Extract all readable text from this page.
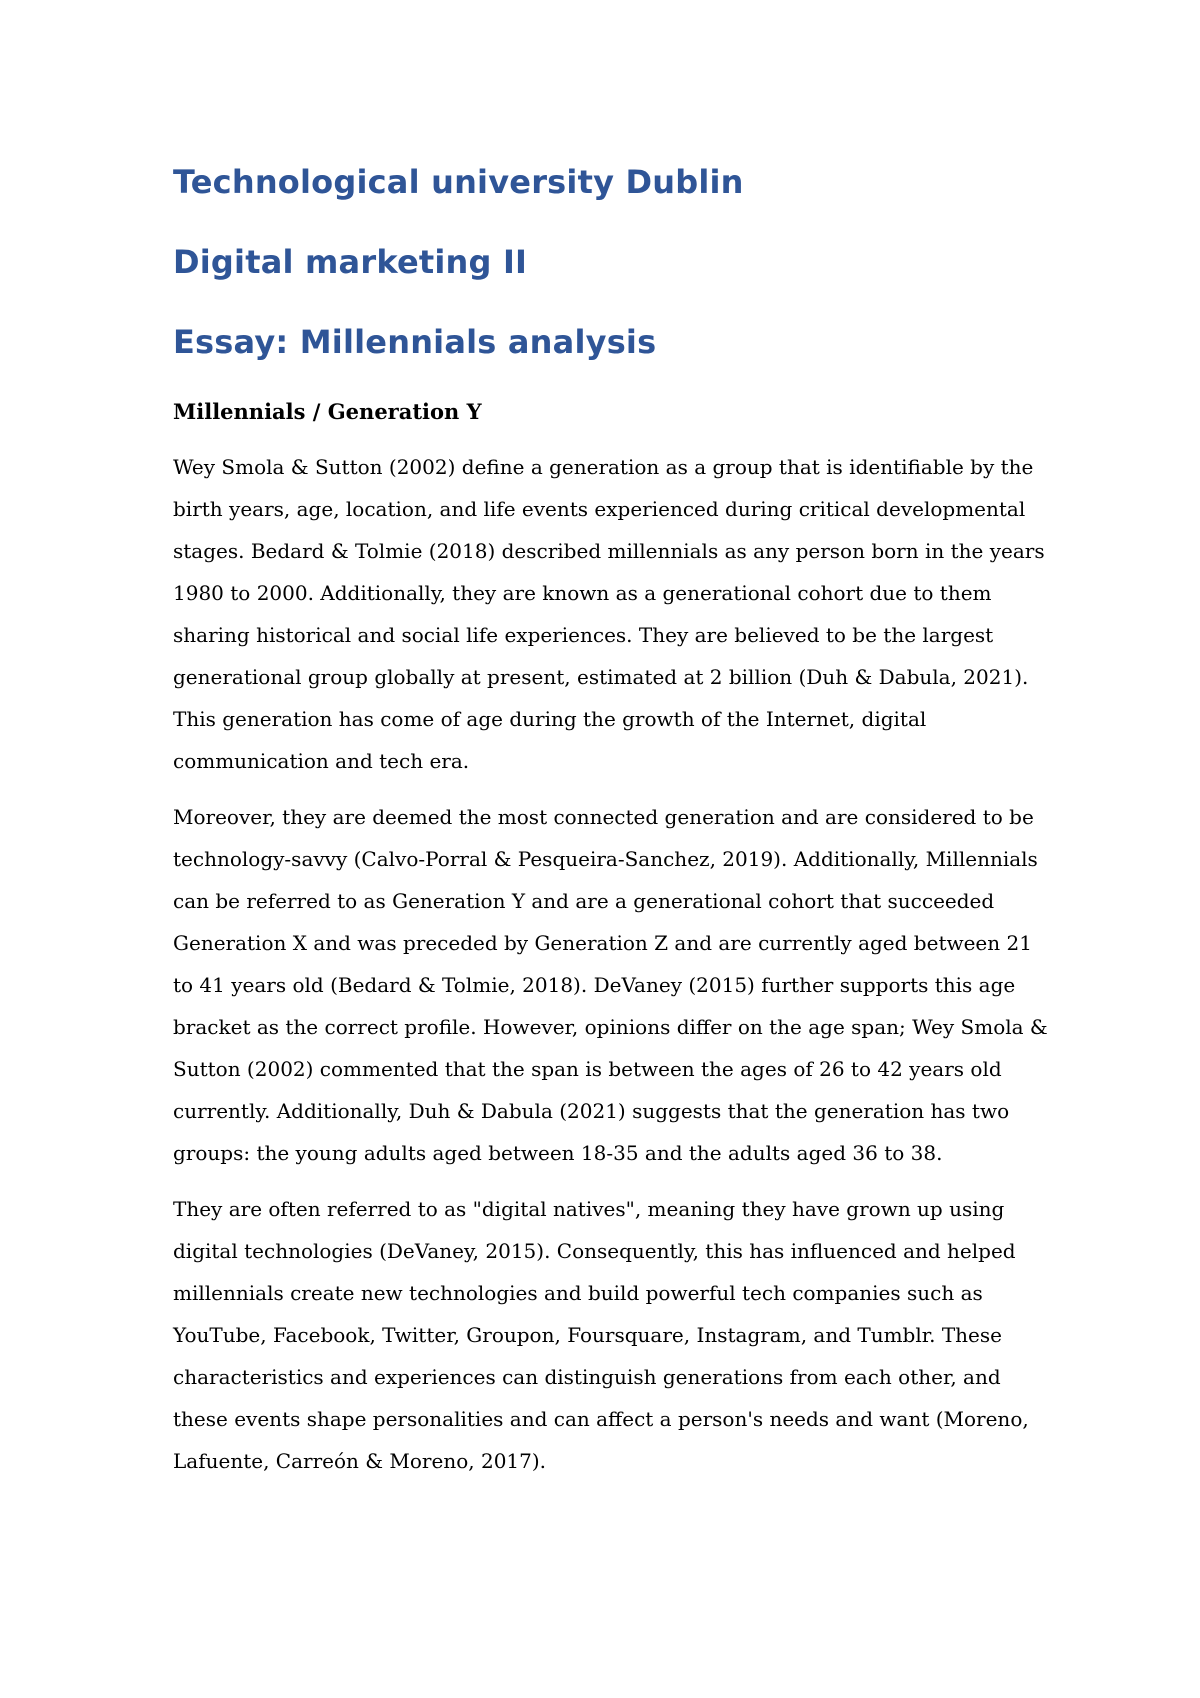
Technological university Dublin
Digital marketing II
Essay: Millennials analysis
Millennials / Generation Y

Wey Smola & Sutton (2002) define a generation as a group that is identifiable by the birth years, age, location, and life events experienced during critical developmental stages. Bedard & Tolmie (2018) described millennials as any person born in the years 1980 to 2000. Additionally, they are known as a generational cohort due to them sharing historical and social life experiences. They are believed to be the largest generational group globally at present, estimated at 2 billion (Duh & Dabula, 2021). This generation has come of age during the growth of the Internet, digital communication and tech era.

Moreover, they are deemed the most connected generation and are considered to be technology-savvy (Calvo-Porral & Pesqueira-Sanchez, 2019). Additionally, Millennials can be referred to as Generation Y and are a generational cohort that succeeded Generation X and was preceded by Generation Z and are currently aged between 21 to 41 years old (Bedard & Tolmie, 2018). DeVaney (2015) further supports this age bracket as the correct profile. However, opinions differ on the age span; Wey Smola & Sutton (2002) commented that the span is between the ages of 26 to 42 years old currently. Additionally, Duh & Dabula (2021) suggests that the generation has two groups: the young adults aged between 18-35 and the adults aged 36 to 38.

They are often referred to as "digital natives", meaning they have grown up using digital technologies (DeVaney, 2015). Consequently, this has influenced and helped millennials create new technologies and build powerful tech companies such as YouTube, Facebook, Twitter, Groupon, Foursquare, Instagram, and Tumblr. These characteristics and experiences can distinguish generations from each other, and these events shape personalities and can affect a person's needs and want (Moreno, Lafuente, Carreón & Moreno, 2017).
